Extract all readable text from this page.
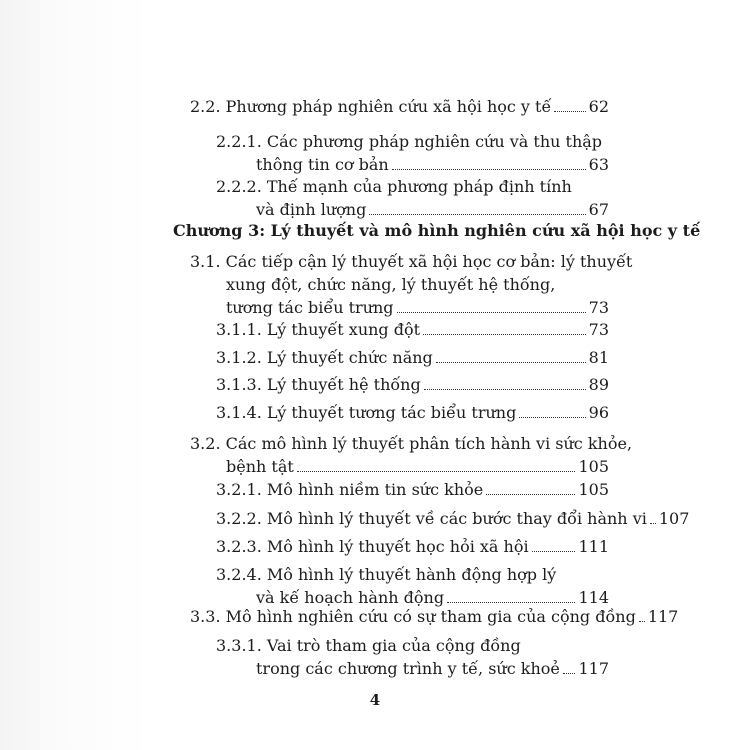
2.2. Phương pháp nghiên cứu xã hội học y tế 62
2.2.1. Các phương pháp nghiên cứu và thu thập
thông tin cơ bản	63
2.2.2. Thế mạnh của phương pháp định tính
và định lượng	67
Chương 3: Lý thuyết và mô hình nghiên cứu xã hội học y tế
3.1. Các tiếp cận lý thuyết xã hội học cơ bản: lý thuyết
xung đột, chức năng, lý thuyết hệ thống,
tương tác biểu trưng	73
3.1.1. Lý thuyết xung đột	73
3.1.2. Lý thuyết chức năng	81
3.1.3. Lý thuyết hệ thống	89
3.1.4. Lý thuyết tương tác biểu trưng	96
3.2. Các mô hình lý thuyết phân tích hành vi sức khỏe,
bệnh tật	105
3.2.1. Mô hình niềm tin sức khỏe	105
3.2.2. Mô hình lý thuyết về các bước thay đổi hành vi 107
3.2.3. Mô hình lý thuyết học hỏi xã hội	111
3.2.4. Mô hình lý thuyết hành động hợp lý
và kế hoạch hành động	114
3.3. Mô hình nghiên cứu có sự tham gia của cộng đồng 117
3.3.1. Vai trò tham gia của cộng đồng
trong các chương trình y tế, sức khoẻ 117
4
